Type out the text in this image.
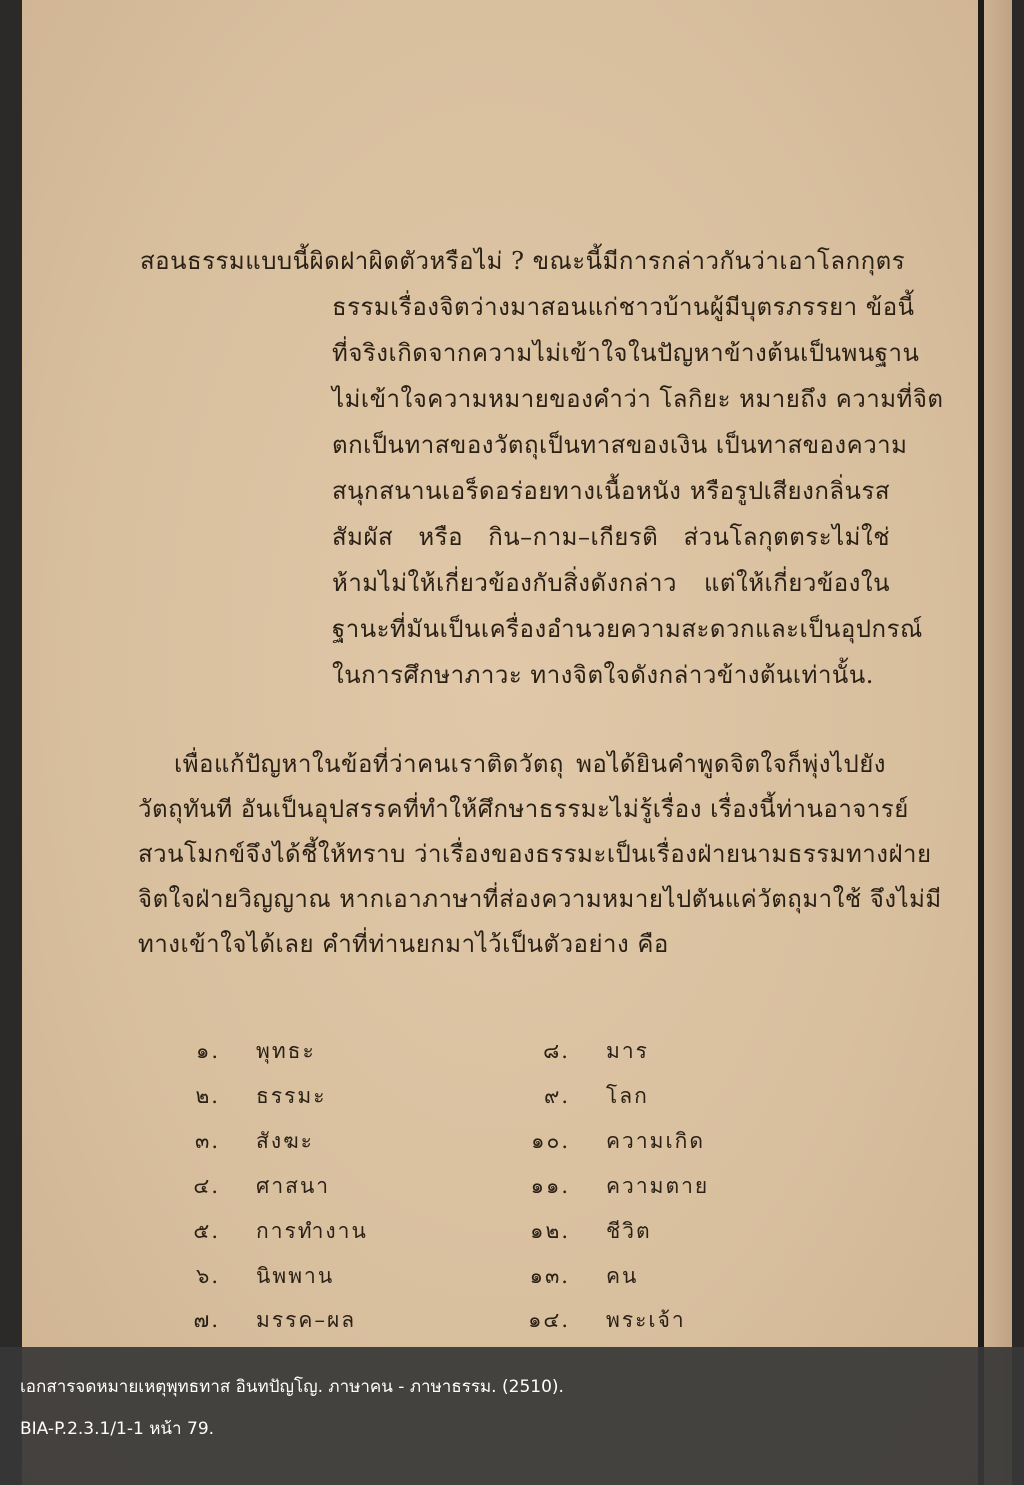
สอนธรรมแบบนี้ผิดฝาผิดตัวหรือไม่ ? ขณะนี้มีการกล่าวกันว่าเอาโลกกุตร
ธรรมเรื่องจิตว่างมาสอนแก่ชาวบ้านผู้มีบุตรภรรยา ข้อนี้
ที่จริงเกิดจากความไม่เข้าใจในปัญหาข้างต้นเป็นพนฐาน
ไม่เข้าใจความหมายของคำว่า โลกิยะ หมายถึง ความที่จิต
ตกเป็นทาสของวัตถุเป็นทาสของเงิน เป็นทาสของความ
สนุกสนานเอร็ดอร่อยทางเนื้อหนัง หรือรูปเสียงกลิ่นรส
สัมผัส หรือ กิน–กาม–เกียรติ ส่วนโลกุตตระไม่ใช่
ห้ามไม่ให้เกี่ยวข้องกับสิ่งดังกล่าว แต่ให้เกี่ยวข้องใน
ฐานะที่มันเป็นเครื่องอำนวยความสะดวกและเป็นอุปกรณ์
ในการศึกษาภาวะ ทางจิตใจดังกล่าวข้างต้นเท่านั้น.
เพื่อแก้ปัญหาในข้อที่ว่าคนเราติดวัตถุ พอได้ยินคำพูดจิตใจก็พุ่งไปยัง
วัตถุทันที อันเป็นอุปสรรคที่ทำให้ศึกษาธรรมะไม่รู้เรื่อง เรื่องนี้ท่านอาจารย์
สวนโมกข์จึงได้ชี้ให้ทราบ ว่าเรื่องของธรรมะเป็นเรื่องฝ่ายนามธรรมทางฝ่าย
จิตใจฝ่ายวิญญาณ หากเอาภาษาที่ส่องความหมายไปตันแค่วัตถุมาใช้ จึงไม่มี
ทางเข้าใจได้เลย คำที่ท่านยกมาไว้เป็นตัวอย่าง คือ
๑. พุทธะ
๒. ธรรมะ
๓. สังฆะ
๔. ศาสนา
๕. การทำงาน
๖. นิพพาน
๗. มรรค–ผล
๘. มาร
๙. โลก
๑๐. ความเกิด
๑๑. ความตาย
๑๒. ชีวิต
๑๓. คน
๑๔. พระเจ้า
เอกสารจดหมายเหตุพุทธทาส อินทปัญโญ. ภาษาคน - ภาษาธรรม. (2510).
BIA-P.2.3.1/1-1 หน้า 79.
